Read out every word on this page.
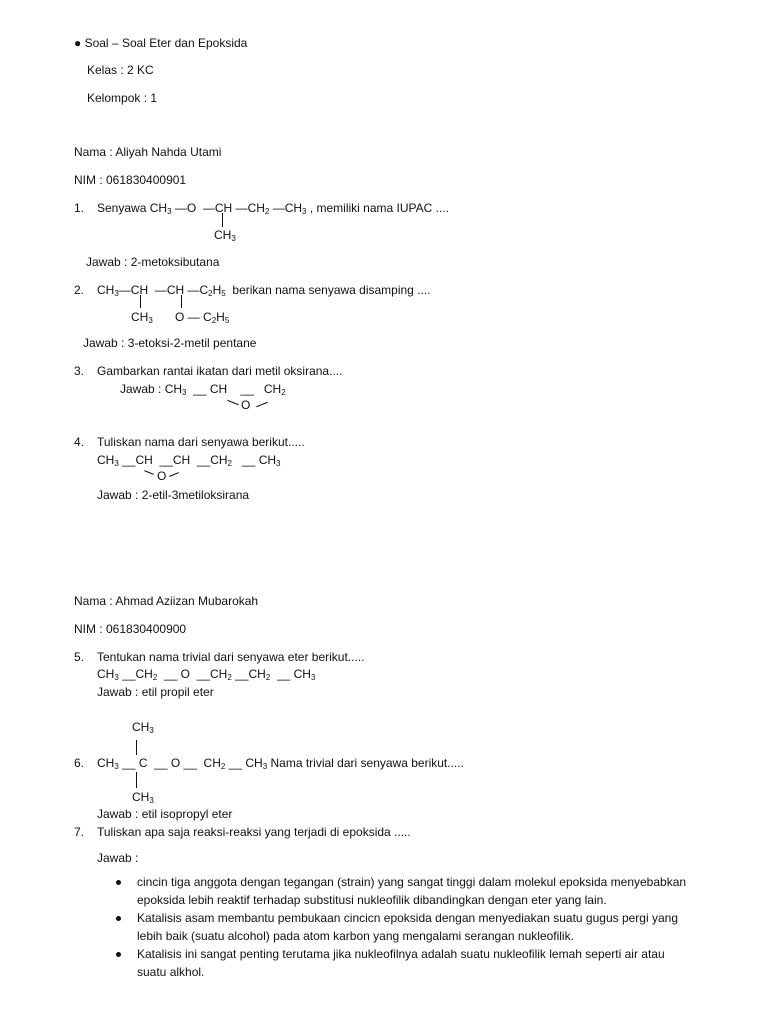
● Soal – Soal Eter dan Epoksida
Kelas : 2 KC
Kelompok : 1
Nama : Aliyah Nahda Utami
NIM : 061830400901
1. Senyawa CH3 —O  —CH —CH2 —CH3 , memiliki nama IUPAC ....
CH3
Jawab : 2-metoksibutana
2. CH3—CH  —CH —C2H5 berikan nama senyawa disamping ....
CH3 O — C2H5
Jawab : 3-etoksi-2-metil pentane
3. Gambarkan rantai ikatan dari metil oksirana....
Jawab : CH3  __ CH    __   CH2
O
4. Tuliskan nama dari senyawa berikut.....
CH3 __CH  __CH  __CH2   __ CH3
O
Jawab : 2-etil-3metiloksirana
Nama : Ahmad Aziizan Mubarokah
NIM : 061830400900
5. Tentukan nama trivial dari senyawa eter berikut.....
CH3 __CH2  __ O  __CH2 __CH2  __ CH3
Jawab : etil propil eter
CH3
6. CH3 __ C  __ O __  CH2 __ CH3 Nama trivial dari senyawa berikut.....
CH3
Jawab : etil isopropyl eter
7. Tuliskan apa saja reaksi-reaksi yang terjadi di epoksida .....
Jawab :
cincin tiga anggota dengan tegangan (strain) yang sangat tinggi dalam molekul epoksida menyebabkan
epoksida lebih reaktif terhadap substitusi nukleofilik dibandingkan dengan eter yang lain.
Katalisis asam membantu pembukaan cincicn epoksida dengan menyediakan suatu gugus pergi yang
lebih baik (suatu alcohol) pada atom karbon yang mengalami serangan nukleofilik.
Katalisis ini sangat penting terutama jika nukleofilnya adalah suatu nukleofilik lemah seperti air atau
suatu alkhol.
